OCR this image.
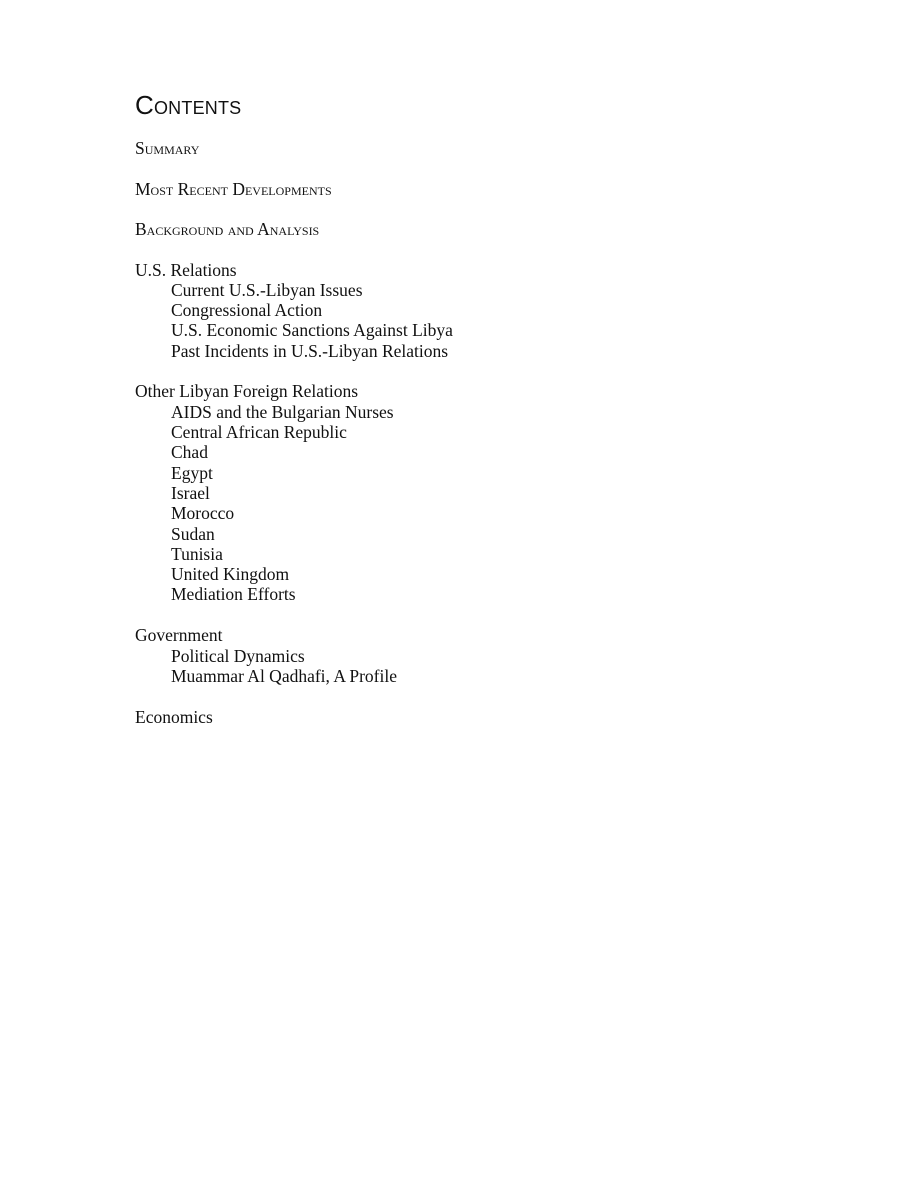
Contents
Summary
Most Recent Developments
Background and Analysis
U.S. Relations
Current U.S.-Libyan Issues
Congressional Action
U.S. Economic Sanctions Against Libya
Past Incidents in U.S.-Libyan Relations
Other Libyan Foreign Relations
AIDS and the Bulgarian Nurses
Central African Republic
Chad
Egypt
Israel
Morocco
Sudan
Tunisia
United Kingdom
Mediation Efforts
Government
Political Dynamics
Muammar Al Qadhafi, A Profile
Economics
